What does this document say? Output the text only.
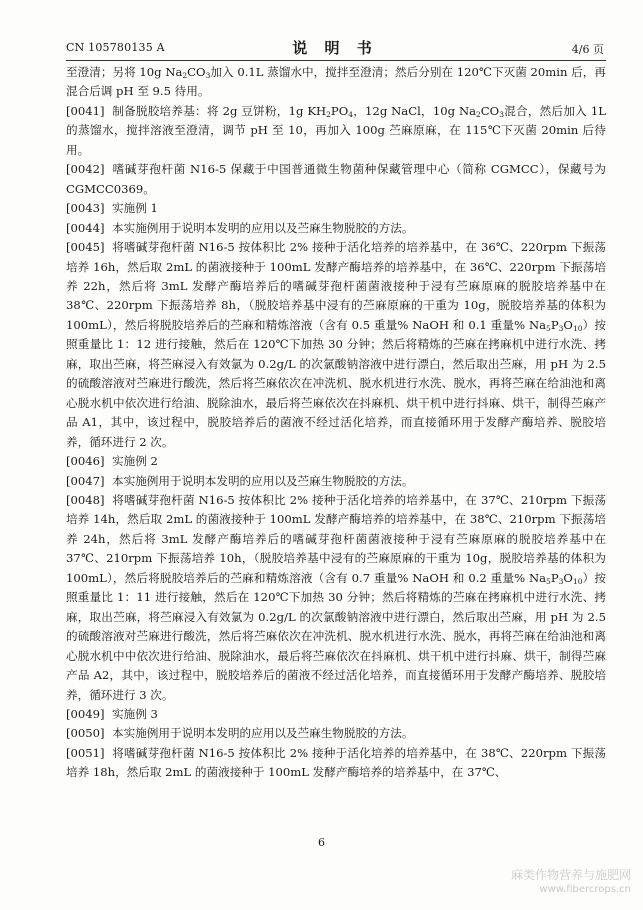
CN 105780135 A	说 明 书	4/6 页

至澄清；另将 10g $Na_2CO_3$加入 0.1L 蒸馏水中，搅拌至澄清；然后分别在 120℃下灭菌 20min 后，再混合后调 pH 至 9.5 待用。

[0041] 制备脱胶培养基：将 2g 豆饼粉，1g $KH_2PO_4$，12g NaCl，10g $Na_2CO_3$混合，然后加入 1L 的蒸馏水，搅拌溶液至澄清，调节 pH 至 10，再加入 100g 苎麻原麻，在 115℃下灭菌 20min 后待用。

[0042] 嗜碱芽孢杆菌 N16-5 保藏于中国普通微生物菌种保藏管理中心（简称 CGMCC），保藏号为 CGMCC0369。

[0043] 实施例 1

[0044] 本实施例用于说明本发明的应用以及苎麻生物脱胶的方法。

[0045] 将嗜碱芽孢杆菌 N16-5 按体积比 2% 接种于活化培养的培养基中，在 36℃、220rpm 下振荡培养 16h，然后取 2mL 的菌液接种于 100mL 发酵产酶培养的培养基中，在 36℃、220rpm 下振荡培养 22h，然后将 3mL 发酵产酶培养后的嗜碱芽孢杆菌菌液接种于浸有苎麻原麻的脱胶培养基中在 38℃、220rpm 下振荡培养 8h，（脱胶培养基中浸有的苎麻原麻的干重为 10g，脱胶培养基的体积为 100mL），然后将脱胶培养后的苎麻和精炼溶液（含有 0.5 重量% NaOH 和 0.1 重量% $Na_5P_3O_{10}$）按照重量比 1：12 进行接触，然后在 120℃下加热 30 分钟；然后将精炼的苎麻在拷麻机中进行水洗、拷麻，取出苎麻，将苎麻浸入有效氯为 0.2g/L 的次氯酸钠溶液中进行漂白，然后取出苎麻，用 pH 为 2.5 的硫酸溶液对苎麻进行酸洗，然后将苎麻依次在冲洗机、脱水机进行水洗、脱水，再将苎麻在给油池和离心脱水机中依次进行给油、脱除油水，最后将苎麻依次在抖麻机、烘干机中进行抖麻、烘干，制得苎麻产品 A1，其中，该过程中，脱胶培养后的菌液不经过活化培养，而直接循环用于发酵产酶培养、脱胶培养，循环进行 2 次。

[0046] 实施例 2

[0047] 本实施例用于说明本发明的应用以及苎麻生物脱胶的方法。

[0048] 将嗜碱芽孢杆菌 N16-5 按体积比 2% 接种于活化培养的培养基中，在 37℃、210rpm 下振荡培养 14h，然后取 2mL 的菌液接种于 100mL 发酵产酶培养的培养基中，在 38℃、210rpm 下振荡培养 24h，然后将 3mL 发酵产酶培养后的嗜碱芽孢杆菌菌液接种于浸有苎麻原麻的脱胶培养基中在 37℃、210rpm 下振荡培养 10h，（脱胶培养基中浸有的苎麻原麻的干重为 10g，脱胶培养基的体积为 100mL），然后将脱胶培养后的苎麻和精炼溶液（含有 0.7 重量% NaOH 和 0.2 重量% $Na_5P_3O_{10}$）按照重量比 1：11 进行接触，然后在 120℃下加热 30 分钟；然后将精炼的苎麻在拷麻机中进行水洗、拷麻，取出苎麻，将苎麻浸入有效氯为 0.2g/L 的次氯酸钠溶液中进行漂白，然后取出苎麻，用 pH 为 2.5 的硫酸溶液对苎麻进行酸洗，然后将苎麻依次在冲洗机、脱水机进行水洗、脱水，再将苎麻在给油池和离心脱水机中中依次进行给油、脱除油水，最后将苎麻依次在抖麻机、烘干机中进行抖麻、烘干，制得苎麻产品 A2，其中，该过程中，脱胶培养后的菌液不经过活化培养，而直接循环用于发酵产酶培养、脱胶培养，循环进行 3 次。

[0049] 实施例 3

[0050] 本实施例用于说明本发明的应用以及苎麻生物脱胶的方法。

[0051] 将嗜碱芽孢杆菌 N16-5 按体积比 2% 接种于活化培养的培养基中，在 38℃、220rpm 下振荡培养 18h，然后取 2mL 的菌液接种于 100mL 发酵产酶培养的培养基中，在 37℃、

6
麻类作物营养与施肥网
www.fibercrops.cn
